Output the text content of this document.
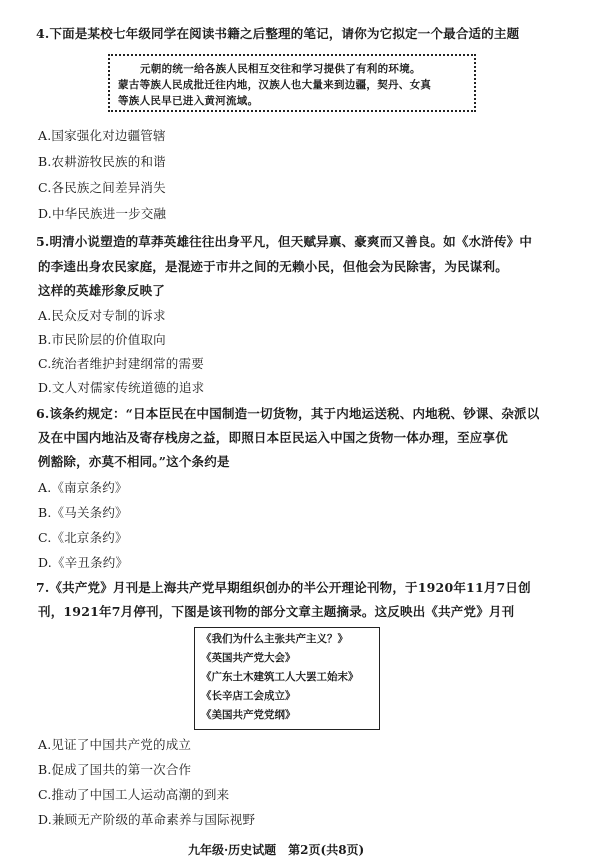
4.下面是某校七年级同学在阅读书籍之后整理的笔记，请你为它拟定一个最合适的主题
元朝的统一给各族人民相互交往和学习提供了有利的环境。
蒙古等族人民成批迁往内地，汉族人也大量来到边疆，契丹、女真
等族人民早已进入黄河流域。
A.国家强化对边疆管辖
B.农耕游牧民族的和谐
C.各民族之间差异消失
D.中华民族进一步交融
5.明清小说塑造的草莽英雄往往出身平凡，但天赋异禀、豪爽而又善良。如《水浒传》中
的李逵出身农民家庭，是混迹于市井之间的无赖小民，但他会为民除害，为民谋利。
这样的英雄形象反映了
A.民众反对专制的诉求
B.市民阶层的价值取向
C.统治者维护封建纲常的需要
D.文人对儒家传统道德的追求
6.该条约规定：“日本臣民在中国制造一切货物，其于内地运送税、内地税、钞课、杂派以
及在中国内地沾及寄存栈房之益，即照日本臣民运入中国之货物一体办理，至应享优
例豁除，亦莫不相同。”这个条约是
A.《南京条约》
B.《马关条约》
C.《北京条约》
D.《辛丑条约》
7.《共产党》月刊是上海共产党早期组织创办的半公开理论刊物，于1920年11月7日创
刊，1921年7月停刊，下图是该刊物的部分文章主题摘录。这反映出《共产党》月刊
《我们为什么主张共产主义？》
《英国共产党大会》
《广东土木建筑工人大罢工始末》
《长辛店工会成立》
《美国共产党党纲》
A.见证了中国共产党的成立
B.促成了国共的第一次合作
C.推动了中国工人运动高潮的到来
D.兼顾无产阶级的革命素养与国际视野
九年级·历史试题　第2页(共8页)
